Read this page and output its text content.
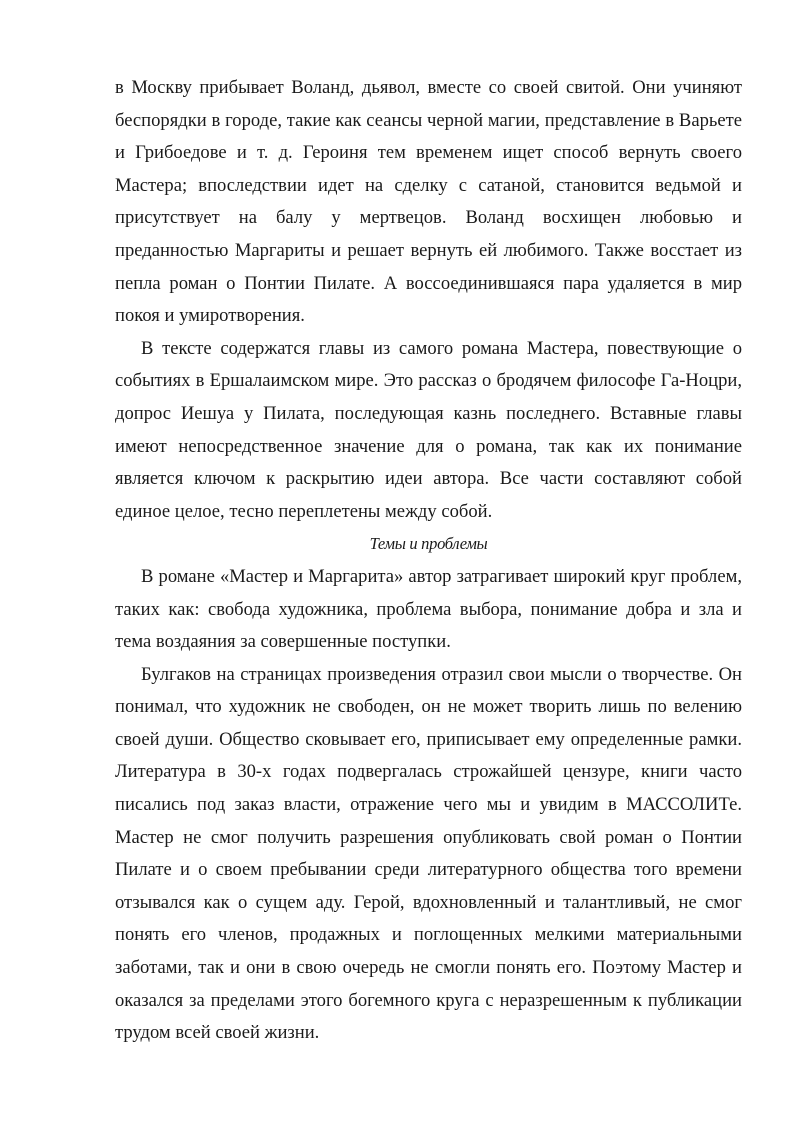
в Москву прибывает Воланд, дьявол, вместе со своей свитой. Они учиняют беспорядки в городе, такие как сеансы черной магии, представление в Варьете и Грибоедове и т. д. Героиня тем временем ищет способ вернуть своего Мастера; впоследствии идет на сделку с сатаной, становится ведьмой и присутствует на балу у мертвецов. Воланд восхищен любовью и преданностью Маргариты и решает вернуть ей любимого. Также восстает из пепла роман о Понтии Пилате. А воссоединившаяся пара удаляется в мир покоя и умиротворения.

В тексте содержатся главы из самого романа Мастера, повествующие о событиях в Ершалаимском мире. Это рассказ о бродячем философе Га-Ноцри, допрос Иешуа у Пилата, последующая казнь последнего. Вставные главы имеют непосредственное значение для о романа, так как их понимание является ключом к раскрытию идеи автора. Все части составляют собой единое целое, тесно переплетены между собой.

Темы и проблемы

В романе «Мастер и Маргарита» автор затрагивает широкий круг проблем, таких как: свобода художника, проблема выбора, понимание добра и зла и тема воздаяния за совершенные поступки.

Булгаков на страницах произведения отразил свои мысли о творчестве. Он понимал, что художник не свободен, он не может творить лишь по велению своей души. Общество сковывает его, приписывает ему определенные рамки. Литература в 30-х годах подвергалась строжайшей цензуре, книги часто писались под заказ власти, отражение чего мы и увидим в МАССОЛИТе. Мастер не смог получить разрешения опубликовать свой роман о Понтии Пилате и о своем пребывании среди литературного общества того времени отзывался как о сущем аду. Герой, вдохновленный и талантливый, не смог понять его членов, продажных и поглощенных мелкими материальными заботами, так и они в свою очередь не смогли понять его. Поэтому Мастер и оказался за пределами этого богемного круга с неразрешенным к публикации трудом всей своей жизни.
